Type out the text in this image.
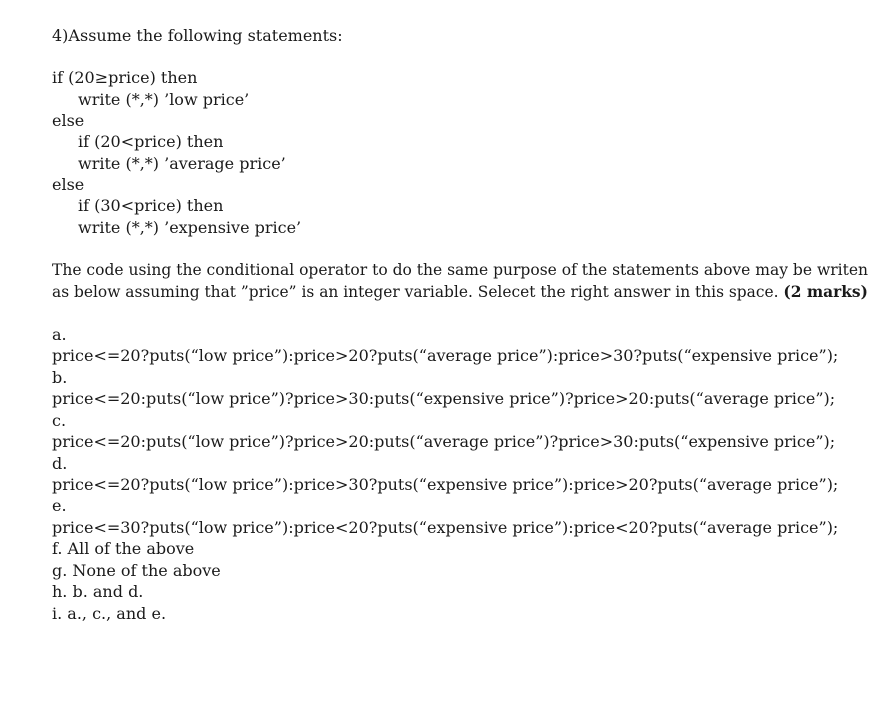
4)Assume the following statements:
if (20≥price) then
write (*,*) ’low price’
else
if (20<price) then
write (*,*) ’average price’
else
if (30<price) then
write (*,*) ’expensive price’
The code using the conditional operator to do the same purpose of the statements above may be writen
as below assuming that ”price” is an integer variable. Selecet the right answer in this space. (2 marks)
a.
price<=20?puts(“low price”):price>20?puts(“average price”):price>30?puts(“expensive price”);
b.
price<=20:puts(“low price”)?price>30:puts(“expensive price”)?price>20:puts(“average price”);
c.
price<=20:puts(“low price”)?price>20:puts(“average price”)?price>30:puts(“expensive price”);
d.
price<=20?puts(“low price”):price>30?puts(“expensive price”):price>20?puts(“average price”);
e.
price<=30?puts(“low price”):price<20?puts(“expensive price”):price<20?puts(“average price”);
f. All of the above
g. None of the above
h. b. and d.
i. a., c., and e.
